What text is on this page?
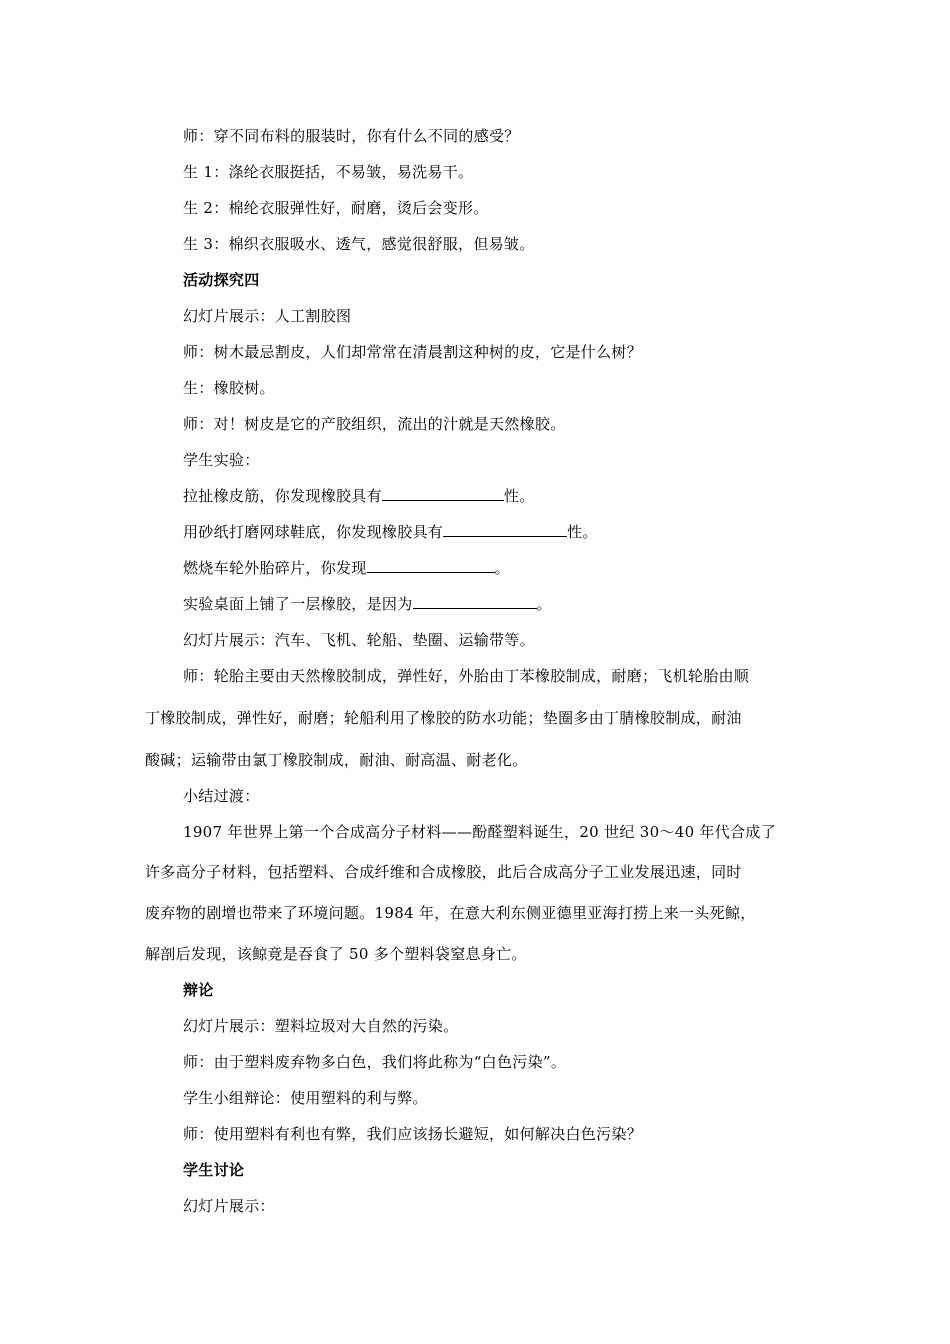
师：穿不同布料的服装时，你有什么不同的感受？
生 1：涤纶衣服挺括，不易皱，易洗易干。
生 2：棉纶衣服弹性好，耐磨，烫后会变形。
生 3：棉织衣服吸水、透气，感觉很舒服，但易皱。
活动探究四
幻灯片展示：人工割胶图
师：树木最忌割皮，人们却常常在清晨割这种树的皮，它是什么树？
生：橡胶树。
师：对！树皮是它的产胶组织，流出的汁就是天然橡胶。
学生实验：
拉扯橡皮筋，你发现橡胶具有	性。
用砂纸打磨网球鞋底，你发现橡胶具有	性。
燃烧车轮外胎碎片，你发现	。
实验桌面上铺了一层橡胶，是因为	。
幻灯片展示：汽车、飞机、轮船、垫圈、运输带等。
师：轮胎主要由天然橡胶制成，弹性好，外胎由丁苯橡胶制成，耐磨；飞机轮胎由顺
丁橡胶制成，弹性好，耐磨；轮船利用了橡胶的防水功能；垫圈多由丁腈橡胶制成，耐油
酸碱；运输带由氯丁橡胶制成，耐油、耐高温、耐老化。
小结过渡：
1907 年世界上第一个合成高分子材料——酚醛塑料诞生，20 世纪 30～40 年代合成了
许多高分子材料，包括塑料、合成纤维和合成橡胶，此后合成高分子工业发展迅速，同时
废弃物的剧增也带来了环境问题。1984 年，在意大利东侧亚德里亚海打捞上来一头死鲸，
解剖后发现，该鲸竟是吞食了 50 多个塑料袋窒息身亡。
辩论
幻灯片展示：塑料垃圾对大自然的污染。
师：由于塑料废弃物多白色，我们将此称为“白色污染”。
学生小组辩论：使用塑料的利与弊。
师：使用塑料有利也有弊，我们应该扬长避短，如何解决白色污染？
学生讨论
幻灯片展示：
